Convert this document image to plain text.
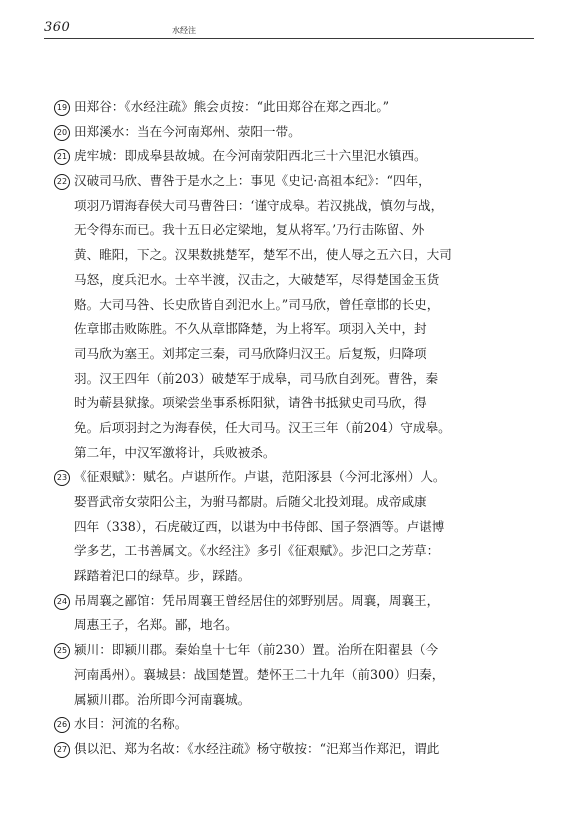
360	水经注
19 田郑谷：《水经注疏》熊会贞按：“此田郑谷在郑之西北。”
20 田郑溪水：当在今河南郑州、荥阳一带。
21 虎牢城：即成皋县故城。在今河南荥阳西北三十六里汜水镇西。
22 汉破司马欣、曹咎于是水之上：事见《史记·高祖本纪》：“四年，
项羽乃谓海春侯大司马曹咎曰：‘谨守成皋。若汉挑战，慎勿与战，
无令得东而已。我十五日必定梁地，复从将军。’乃行击陈留、外
黄、睢阳，下之。汉果数挑楚军，楚军不出，使人辱之五六日，大司
马怒，度兵汜水。士卒半渡，汉击之，大破楚军，尽得楚国金玉货
赂。大司马咎、长史欣皆自刭汜水上。”司马欣，曾任章邯的长史，
佐章邯击败陈胜。不久从章邯降楚，为上将军。项羽入关中，封
司马欣为塞王。刘邦定三秦，司马欣降归汉王。后复叛，归降项
羽。汉王四年（前203）破楚军于成皋，司马欣自刭死。曹咎，秦
时为蕲县狱掾。项梁尝坐事系栎阳狱，请咎书抵狱史司马欣，得
免。后项羽封之为海春侯，任大司马。汉王三年（前204）守成皋。
第二年，中汉军激将计，兵败被杀。
23 《征艰赋》：赋名。卢谌所作。卢谌，范阳涿县（今河北涿州）人。
娶晋武帝女荥阳公主，为驸马都尉。后随父北投刘琨。成帝咸康
四年（338），石虎破辽西，以谌为中书侍郎、国子祭酒等。卢谌博
学多艺，工书善属文。《水经注》多引《征艰赋》。步汜口之芳草：
踩踏着汜口的绿草。步，踩踏。
24 吊周襄之鄙馆：凭吊周襄王曾经居住的郊野别居。周襄，周襄王，
周惠王子，名郑。鄙，地名。
25 颍川：即颍川郡。秦始皇十七年（前230）置。治所在阳翟县（今
河南禹州）。襄城县：战国楚置。楚怀王二十九年（前300）归秦，
属颍川郡。治所即今河南襄城。
26 水目：河流的名称。
27 俱以汜、郑为名故：《水经注疏》杨守敬按：“汜郑当作郑汜，谓此
